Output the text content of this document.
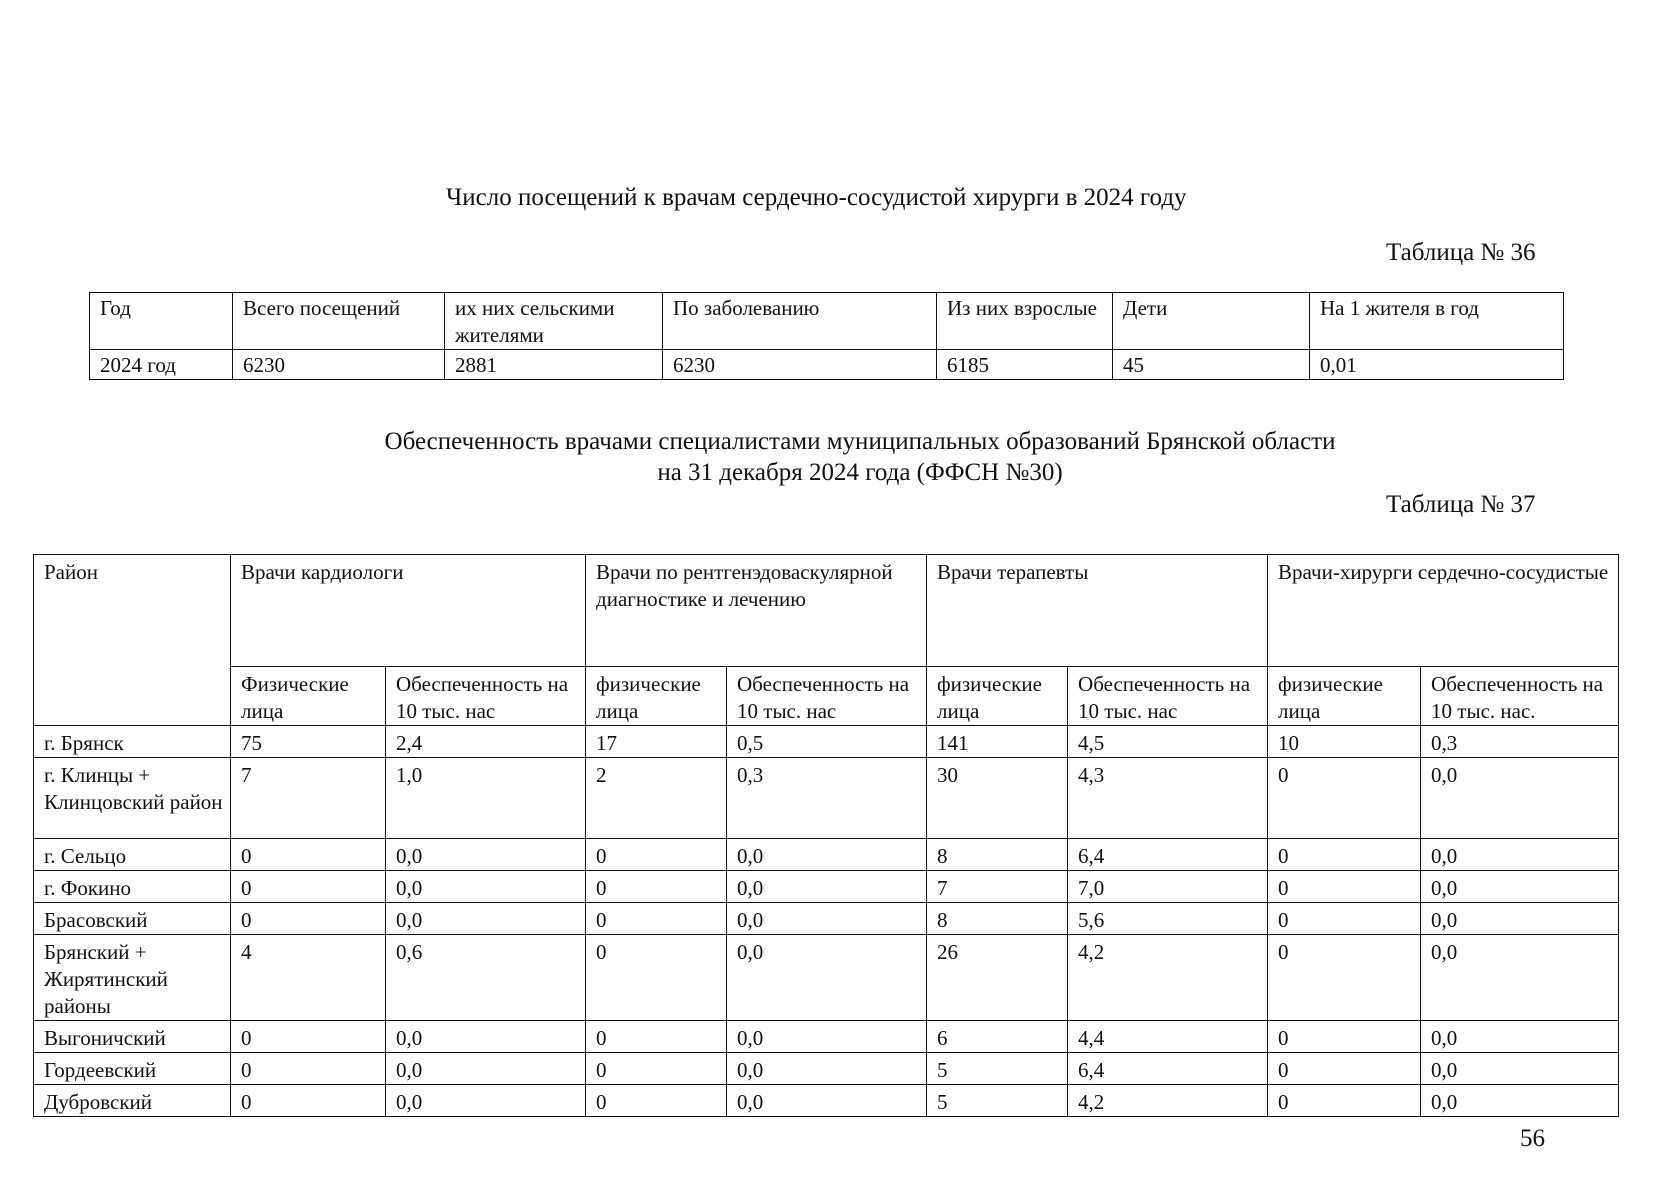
Число посещений к врачам сердечно-сосудистой хирурги в 2024 году
Таблица № 36
Год	Всего посещений	их них сельскими жителями	По заболеванию	Из них взрослые	Дети	На 1 жителя в год
2024 год	6230	2881	6230	6185	45	0,01
Обеспеченность врачами специалистами муниципальных образований Брянской области
на 31 декабря 2024 года (ФФСН №30)
Таблица № 37
Район	Врачи кардиологи		Врачи по рентгенэдоваскулярной диагностике и лечению		Врачи терапевты		Врачи-хирурги сердечно-сосудистые	
	Физические лица	Обеспеченность на 10 тыс. нас	физические лица	Обеспеченность на 10 тыс. нас	физические лица	Обеспеченность на 10 тыс. нас	физические лица	Обеспеченность на 10 тыс. нас.
г. Брянск	75	2,4	17	0,5	141	4,5	10	0,3
г. Клинцы + Клинцовский район	7	1,0	2	0,3	30	4,3	0	0,0
г. Сельцо	0	0,0	0	0,0	8	6,4	0	0,0
г. Фокино	0	0,0	0	0,0	7	7,0	0	0,0
Брасовский	0	0,0	0	0,0	8	5,6	0	0,0
Брянский + Жирятинский районы	4	0,6	0	0,0	26	4,2	0	0,0
Выгоничский	0	0,0	0	0,0	6	4,4	0	0,0
Гордеевский	0	0,0	0	0,0	5	6,4	0	0,0
Дубровский	0	0,0	0	0,0	5	4,2	0	0,0
56
